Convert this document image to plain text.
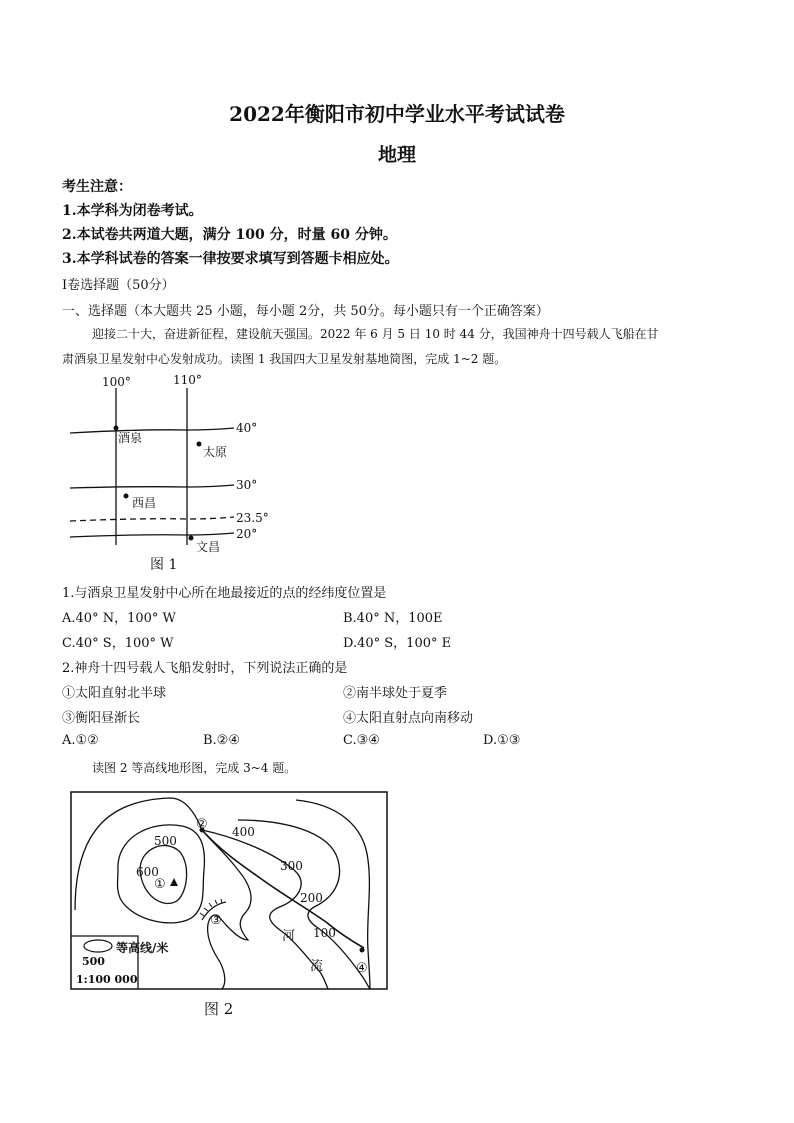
2022年衡阳市初中学业水平考试试卷
地理
考生注意：
1.本学科为闭卷考试。
2.本试卷共两道大题，满分 100 分，时量 60 分钟。
3.本学科试卷的答案一律按要求填写到答题卡相应处。
I卷选择题（50分）
一、选择题（本大题共 25 小题，每小题 2分，共 50分。每小题只有一个正确答案）
迎接二十大，奋进新征程，建设航天强国。2022 年 6 月 5 日 10 时 44 分，我国神舟十四号载人飞船在甘
肃酒泉卫星发射中心发射成功。读图 1 我国四大卫星发射基地简图，完成 1~2 题。
100°	110°
40°
30°
23.5°
20°
酒泉
太原
西昌
文昌
图 1
1.与酒泉卫星发射中心所在地最接近的点的经纬度位置是
A.40° N，100° W	B.40° N，100E
C.40° S，100° W	D.40° S，100° E
2.神舟十四号载人飞船发射时，下列说法正确的是
①太阳直射北半球	②南半球处于夏季
③衡阳昼渐长	④太阳直射点向南移动
A.①②	B.②④	C.③④	D.①③
读图 2 等高线地形图，完成 3~4 题。
等高线/米
500
1:100 000
500
600
400
300
200
100
①
②
③
④
河
流
图 2
